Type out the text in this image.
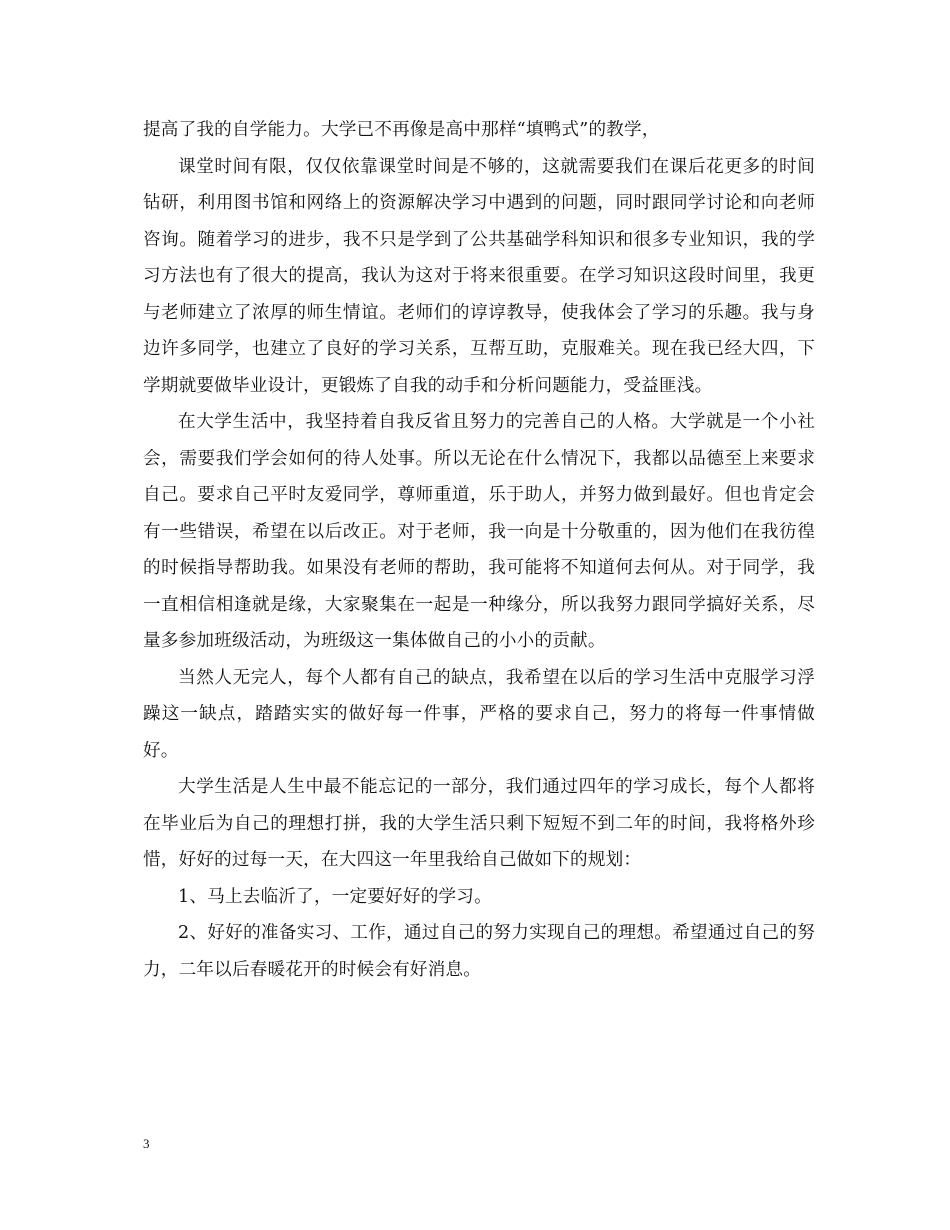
提高了我的自学能力。大学已不再像是高中那样“填鸭式”的教学，

课堂时间有限，仅仅依靠课堂时间是不够的，这就需要我们在课后花更多的时间钻研，利用图书馆和网络上的资源解决学习中遇到的问题，同时跟同学讨论和向老师咨询。随着学习的进步，我不只是学到了公共基础学科知识和很多专业知识，我的学习方法也有了很大的提高，我认为这对于将来很重要。在学习知识这段时间里，我更与老师建立了浓厚的师生情谊。老师们的谆谆教导，使我体会了学习的乐趣。我与身边许多同学，也建立了良好的学习关系，互帮互助，克服难关。现在我已经大四，下学期就要做毕业设计，更锻炼了自我的动手和分析问题能力，受益匪浅。

在大学生活中，我坚持着自我反省且努力的完善自己的人格。大学就是一个小社会，需要我们学会如何的待人处事。所以无论在什么情况下，我都以品德至上来要求自己。要求自己平时友爱同学，尊师重道，乐于助人，并努力做到最好。但也肯定会有一些错误，希望在以后改正。对于老师，我一向是十分敬重的，因为他们在我彷徨的时候指导帮助我。如果没有老师的帮助，我可能将不知道何去何从。对于同学，我一直相信相逢就是缘，大家聚集在一起是一种缘分，所以我努力跟同学搞好关系，尽量多参加班级活动，为班级这一集体做自己的小小的贡献。

当然人无完人，每个人都有自己的缺点，我希望在以后的学习生活中克服学习浮躁这一缺点，踏踏实实的做好每一件事，严格的要求自己，努力的将每一件事情做好。

大学生活是人生中最不能忘记的一部分，我们通过四年的学习成长，每个人都将在毕业后为自己的理想打拼，我的大学生活只剩下短短不到二年的时间，我将格外珍惜，好好的过每一天，在大四这一年里我给自己做如下的规划：

1、马上去临沂了，一定要好好的学习。

2、好好的准备实习、工作，通过自己的努力实现自己的理想。希望通过自己的努力，二年以后春暖花开的时候会有好消息。

3
